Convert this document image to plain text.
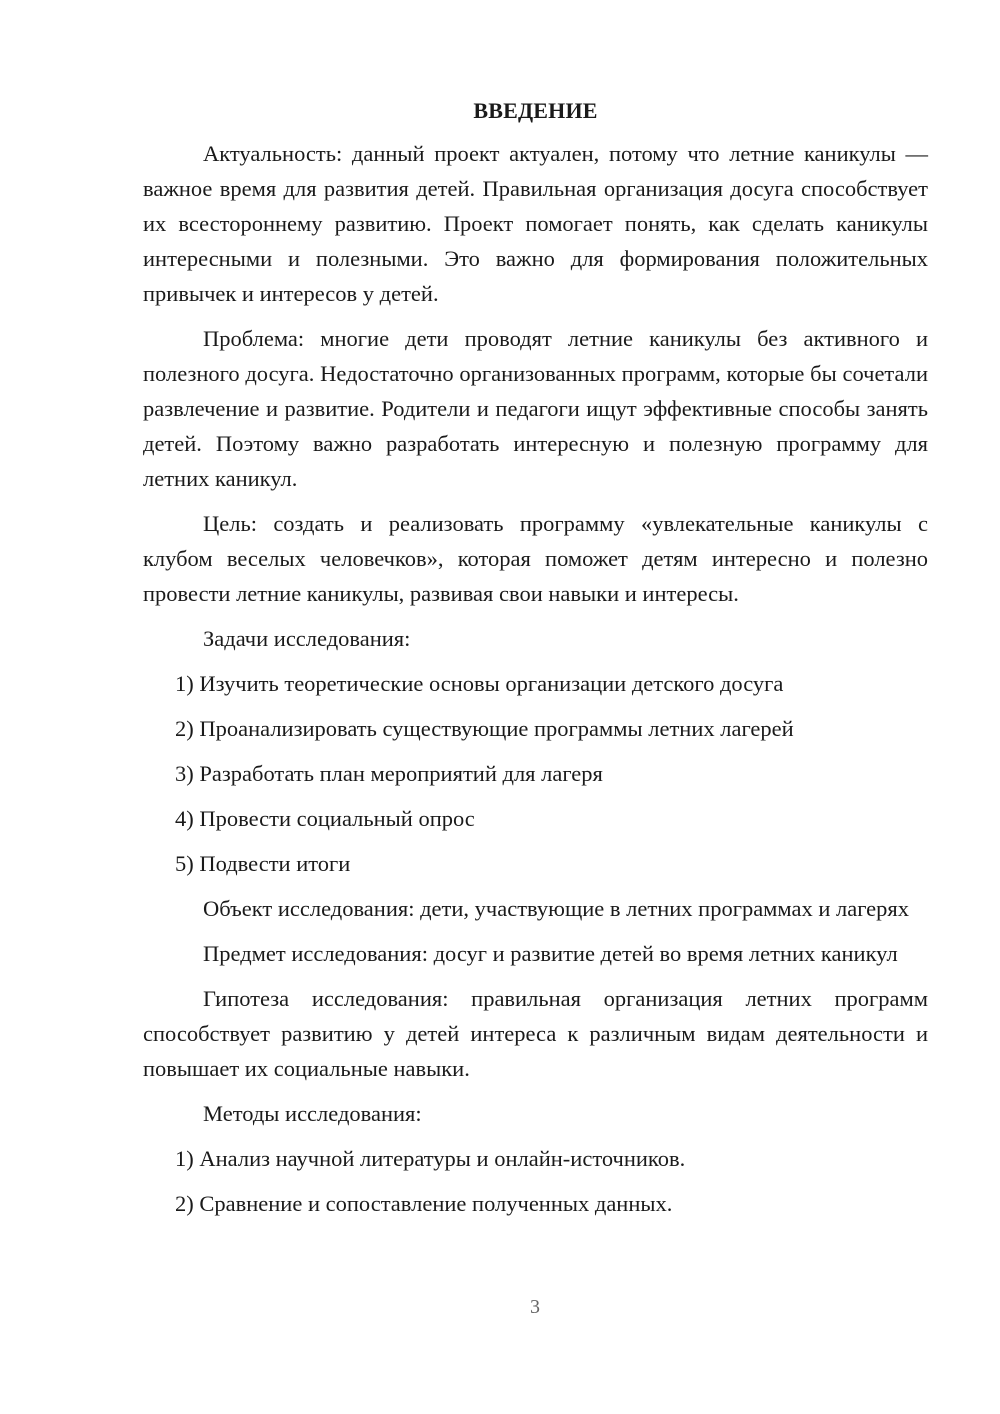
ВВЕДЕНИЕ
Актуальность: данный проект актуален, потому что летние каникулы — важное время для развития детей. Правильная организация досуга способствует их всестороннему развитию. Проект помогает понять, как сделать каникулы интересными и полезными. Это важно для формирования положительных привычек и интересов у детей.
Проблема: многие дети проводят летние каникулы без активного и полезного досуга. Недостаточно организованных программ, которые бы сочетали развлечение и развитие. Родители и педагоги ищут эффективные способы занять детей. Поэтому важно разработать интересную и полезную программу для летних каникул.
Цель: создать и реализовать программу «увлекательные каникулы с клубом веселых человечков», которая поможет детям интересно и полезно провести летние каникулы, развивая свои навыки и интересы.
Задачи исследования:
1) Изучить теоретические основы организации детского досуга
2) Проанализировать существующие программы летних лагерей
3) Разработать план мероприятий для лагеря
4) Провести социальный опрос
5) Подвести итоги
Объект исследования: дети, участвующие в летних программах и лагерях
Предмет исследования: досуг и развитие детей во время летних каникул
Гипотеза исследования: правильная организация летних программ способствует развитию у детей интереса к различным видам деятельности и повышает их социальные навыки.
Методы исследования:
1) Анализ научной литературы и онлайн-источников.
2) Сравнение и сопоставление полученных данных.
3
